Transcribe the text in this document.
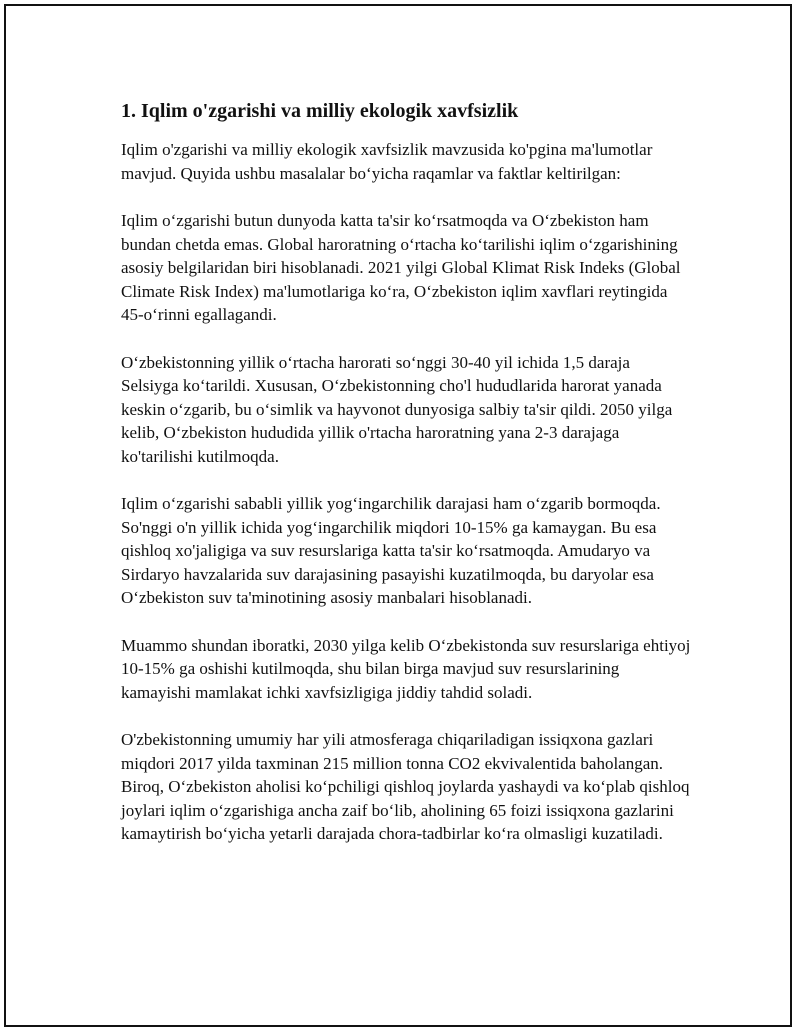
1. Iqlim o'zgarishi va milliy ekologik xavfsizlik

Iqlim o'zgarishi va milliy ekologik xavfsizlik mavzusida ko'pgina ma'lumotlar mavjud. Quyida ushbu masalalar bo‘yicha raqamlar va faktlar keltirilgan:

Iqlim o‘zgarishi butun dunyoda katta ta'sir ko‘rsatmoqda va O‘zbekiston ham bundan chetda emas. Global haroratning o‘rtacha ko‘tarilishi iqlim o‘zgarishining asosiy belgilaridan biri hisoblanadi. 2021 yilgi Global Klimat Risk Indeks (Global Climate Risk Index) ma'lumotlariga ko‘ra, O‘zbekiston iqlim xavflari reytingida 45-o‘rinni egallagandi.

O‘zbekistonning yillik o‘rtacha harorati so‘nggi 30-40 yil ichida 1,5 daraja Selsiyga ko‘tarildi. Xususan, O‘zbekistonning cho'l hududlarida harorat yanada keskin o‘zgarib, bu o‘simlik va hayvonot dunyosiga salbiy ta'sir qildi. 2050 yilga kelib, O‘zbekiston hududida yillik o'rtacha haroratning yana 2-3 darajaga ko'tarilishi kutilmoqda.

Iqlim o‘zgarishi sababli yillik yog‘ingarchilik darajasi ham o‘zgarib bormoqda. So'nggi o'n yillik ichida yog‘ingarchilik miqdori 10-15% ga kamaygan. Bu esa qishloq xo'jaligiga va suv resurslariga katta ta'sir ko‘rsatmoqda. Amudaryo va Sirdaryo havzalarida suv darajasining pasayishi kuzatilmoqda, bu daryolar esa O‘zbekiston suv ta'minotining asosiy manbalari hisoblanadi.

Muammo shundan iboratki, 2030 yilga kelib O‘zbekistonda suv resurslariga ehtiyoj 10-15% ga oshishi kutilmoqda, shu bilan birga mavjud suv resurslarining kamayishi mamlakat ichki xavfsizligiga jiddiy tahdid soladi.

O'zbekistonning umumiy har yili atmosferaga chiqariladigan issiqxona gazlari miqdori 2017 yilda taxminan 215 million tonna CO2 ekvivalentida baholangan. Biroq, O‘zbekiston aholisi ko‘pchiligi qishloq joylarda yashaydi va ko‘plab qishloq joylari iqlim o‘zgarishiga ancha zaif bo‘lib, aholining 65 foizi issiqxona gazlarini kamaytirish bo‘yicha yetarli darajada chora-tadbirlar ko‘ra olmasligi kuzatiladi.
